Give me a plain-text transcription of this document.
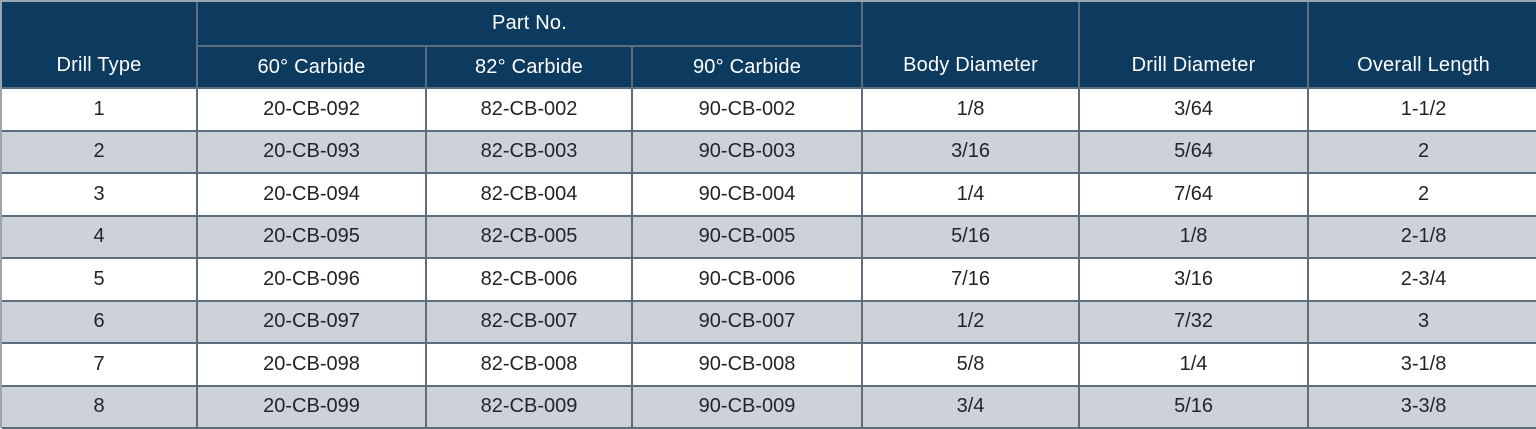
Drill Type	Part No.			Body Diameter	Drill Diameter	Overall Length
	60° Carbide	82° Carbide	90° Carbide			
1	20-CB-092	82-CB-002	90-CB-002	1/8	3/64	1-1/2
2	20-CB-093	82-CB-003	90-CB-003	3/16	5/64	2
3	20-CB-094	82-CB-004	90-CB-004	1/4	7/64	2
4	20-CB-095	82-CB-005	90-CB-005	5/16	1/8	2-1/8
5	20-CB-096	82-CB-006	90-CB-006	7/16	3/16	2-3/4
6	20-CB-097	82-CB-007	90-CB-007	1/2	7/32	3
7	20-CB-098	82-CB-008	90-CB-008	5/8	1/4	3-1/8
8	20-CB-099	82-CB-009	90-CB-009	3/4	5/16	3-3/8
